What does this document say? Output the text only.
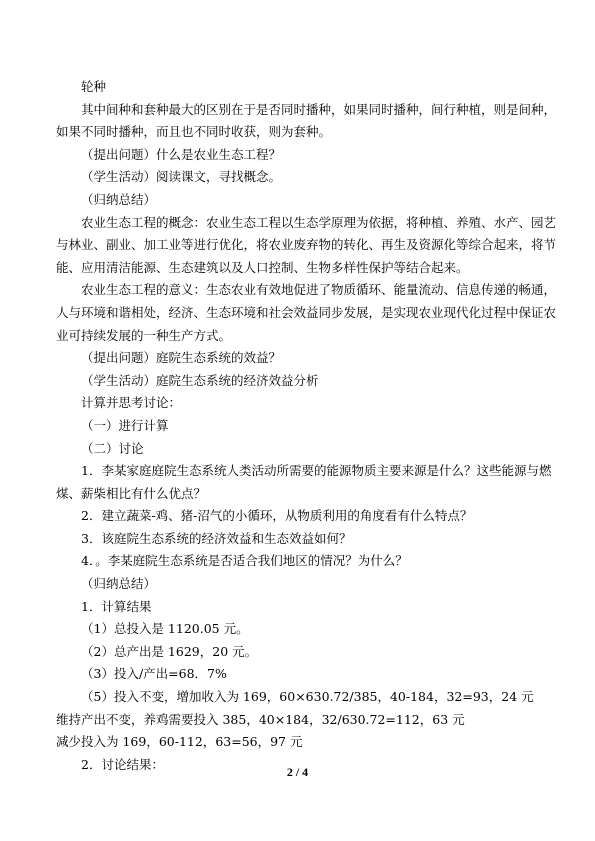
轮种

其中间种和套种最大的区别在于是否同时播种，如果同时播种，间行种植，则是间种，
如果不同时播种，而且也不同时收获，则为套种。

（提出问题）什么是农业生态工程？

（学生活动）阅读课文，寻找概念。

（归纳总结）

农业生态工程的概念：农业生态工程以生态学原理为依据，将种植、养殖、水产、园艺
与林业、副业、加工业等进行优化，将农业废弃物的转化、再生及资源化等综合起来，将节
能、应用清洁能源、生态建筑以及人口控制、生物多样性保护等结合起来。

农业生态工程的意义：生态农业有效地促进了物质循环、能量流动、信息传递的畅通，
人与环境和谐相处，经济、生态环境和社会效益同步发展，是实现农业现代化过程中保证农
业可持续发展的一种生产方式。

（提出问题）庭院生态系统的效益？

（学生活动）庭院生态系统的经济效益分析

计算并思考讨论：

（一）进行计算

（二）讨论

1．李某家庭庭院生态系统人类活动所需要的能源物质主要来源是什么？这些能源与燃
煤、薪柴相比有什么优点？

2．建立蔬菜-鸡、猪-沼气的小循环，从物质利用的角度看有什么特点？

3．该庭院生态系统的经济效益和生态效益如何？

4．。李某庭院生态系统是否适合我们地区的情况？为什么？

（归纳总结）

1．计算结果

（1）总投入是 1120.05 元。

（2）总产出是 1629，20 元。

（3）投入/产出=68．7%

（5）投入不变，增加收入为 169，60×630.72/385，40-184，32=93，24 元

维持产出不变，养鸡需要投入 385，40×184，32/630.72=112，63 元

减少投入为 169，60-112，63=56，97 元

2．讨论结果：

2 / 4
